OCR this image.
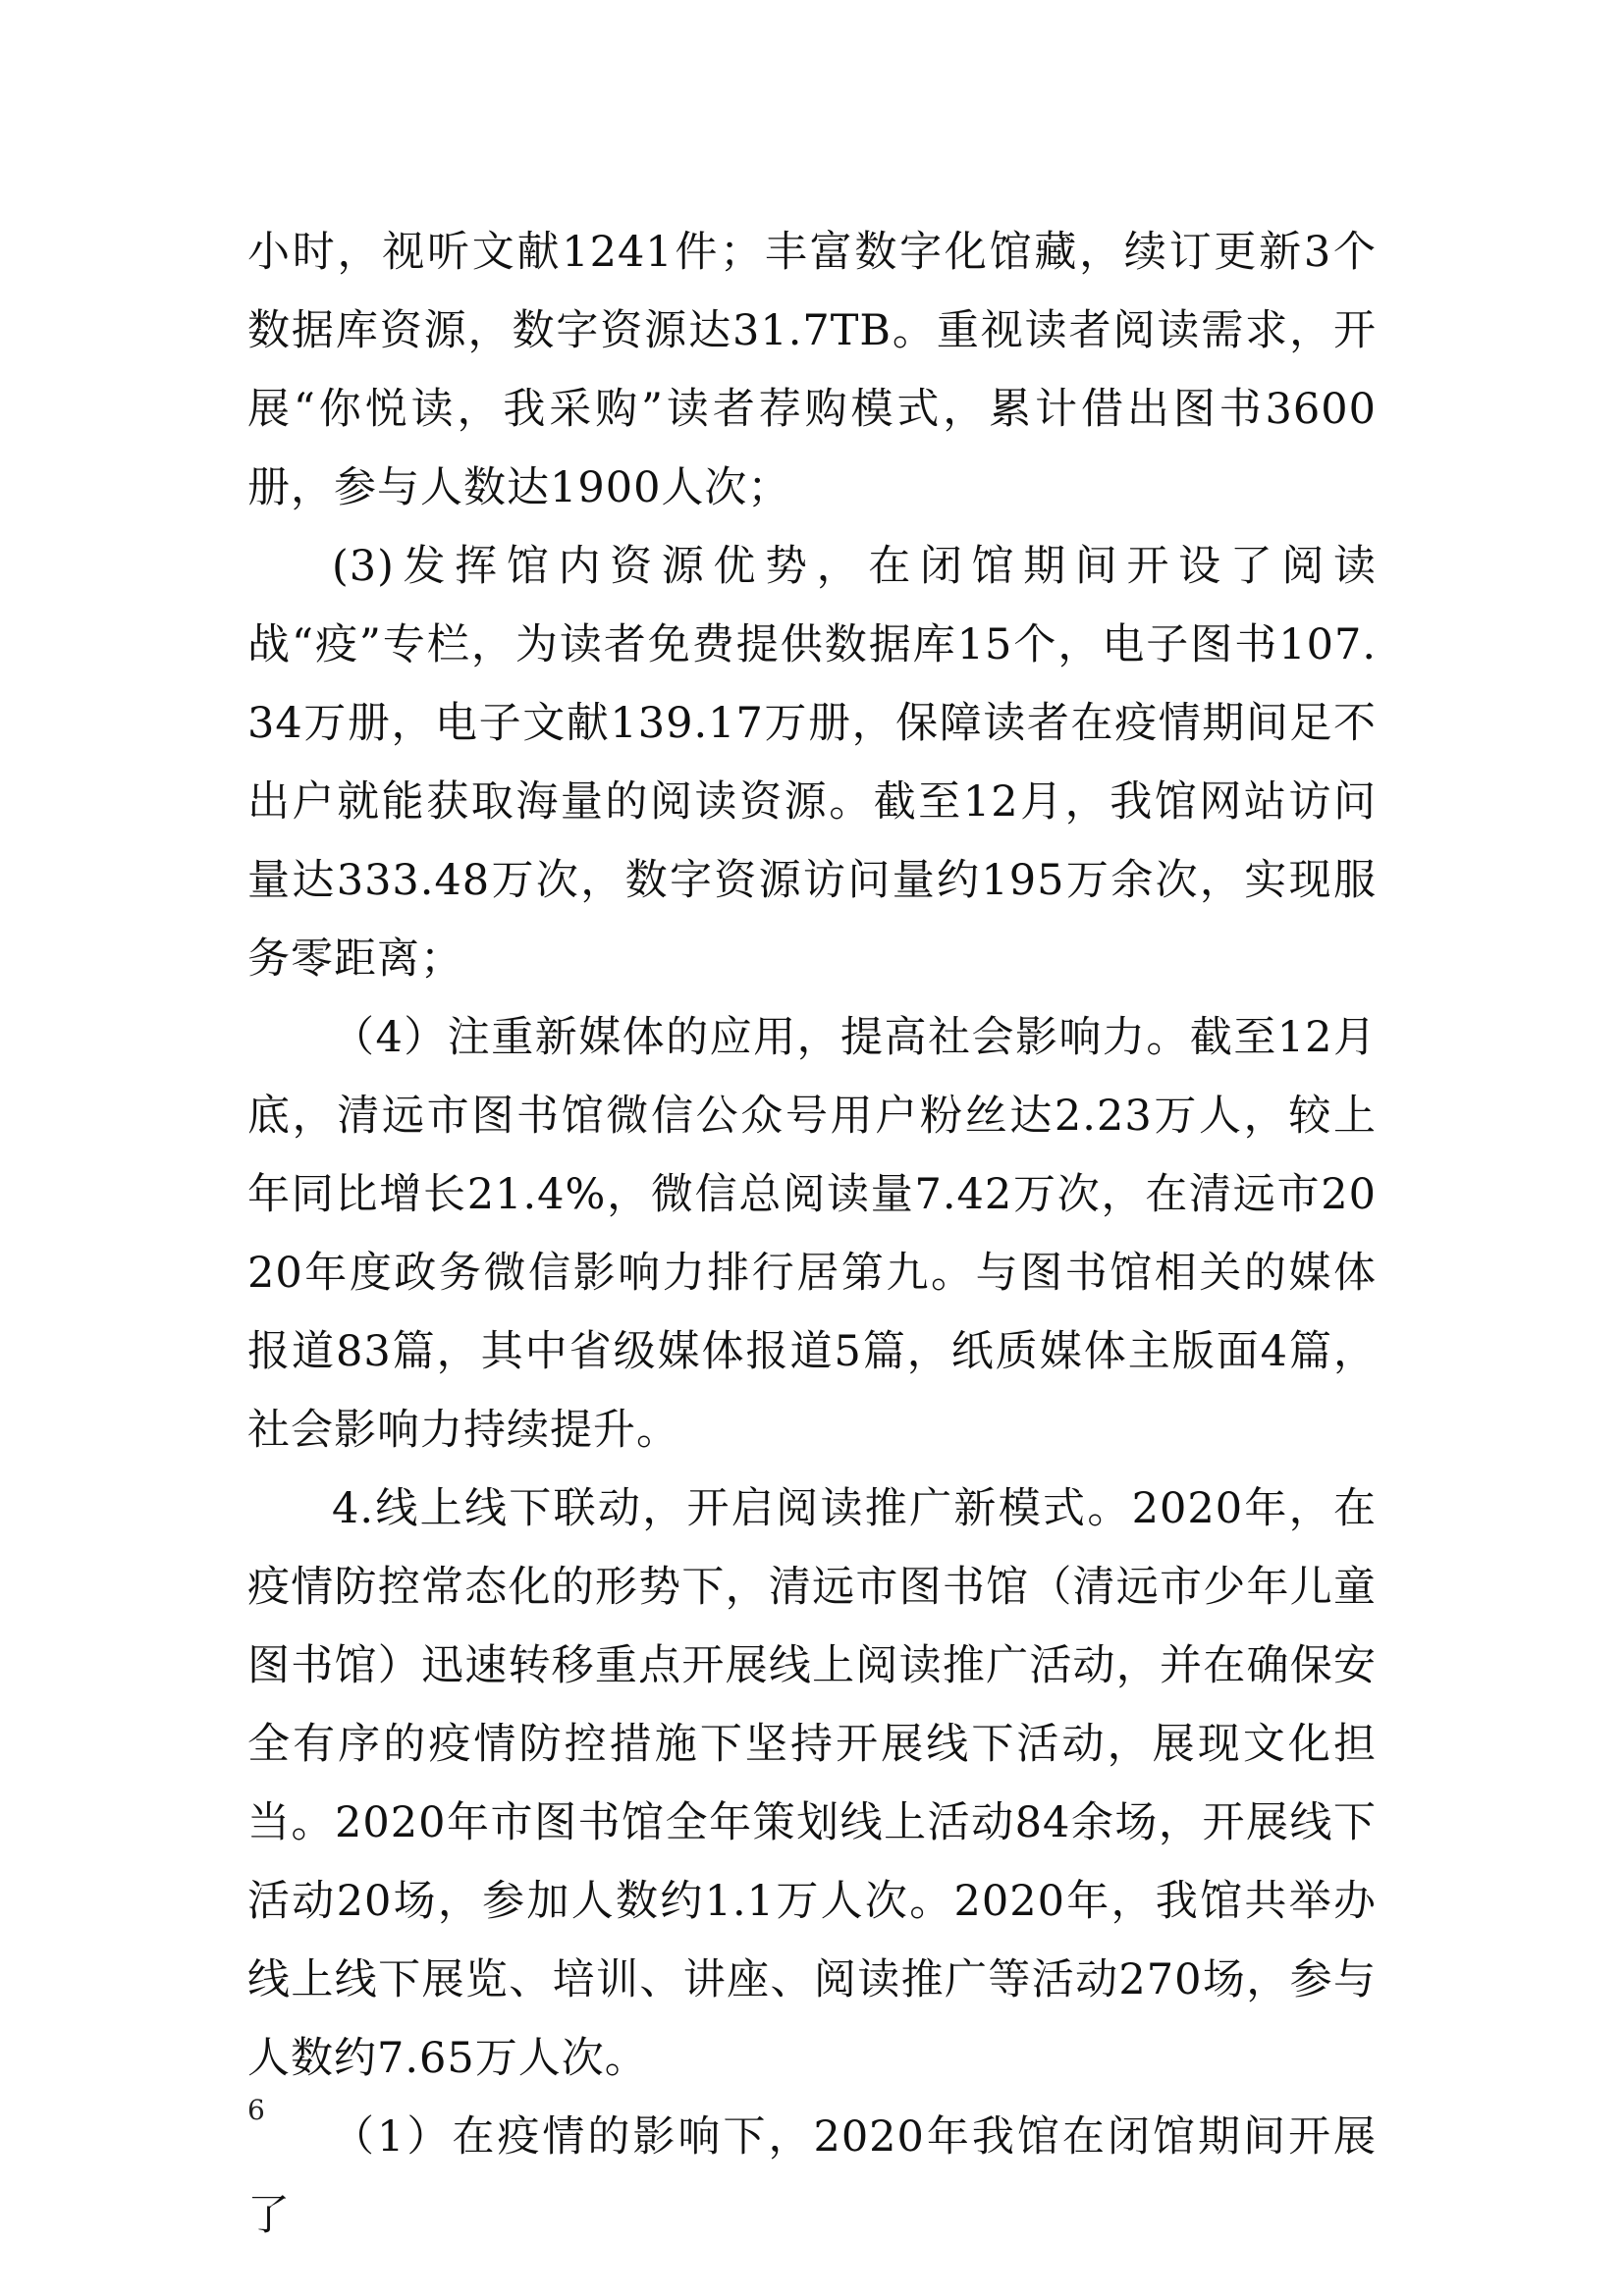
小时，视听文献1241件；丰富数字化馆藏，续订更新3个数据库资源，数字资源达31.7TB。重视读者阅读需求，开展“你悦读，我采购”读者荐购模式，累计借出图书3600册，参与人数达1900人次；

(3)发挥馆内资源优势，在闭馆期间开设了阅读战“疫”专栏，为读者免费提供数据库15个，电子图书107.34万册，电子文献139.17万册，保障读者在疫情期间足不出户就能获取海量的阅读资源。截至12月，我馆网站访问量达333.48万次，数字资源访问量约195万余次，实现服务零距离；

（4）注重新媒体的应用，提高社会影响力。截至12月底，清远市图书馆微信公众号用户粉丝达2.23万人，较上年同比增长21.4%，微信总阅读量7.42万次，在清远市2020年度政务微信影响力排行居第九。与图书馆相关的媒体报道83篇，其中省级媒体报道5篇，纸质媒体主版面4篇，社会影响力持续提升。

4.线上线下联动，开启阅读推广新模式。2020年，在疫情防控常态化的形势下，清远市图书馆（清远市少年儿童图书馆）迅速转移重点开展线上阅读推广活动，并在确保安全有序的疫情防控措施下坚持开展线下活动，展现文化担当。2020年市图书馆全年策划线上活动84余场，开展线下活动20场，参加人数约1.1万人次。2020年，我馆共举办线上线下展览、培训、讲座、阅读推广等活动270场，参与人数约7.65万人次。

（1）在疫情的影响下，2020年我馆在闭馆期间开展了

6
